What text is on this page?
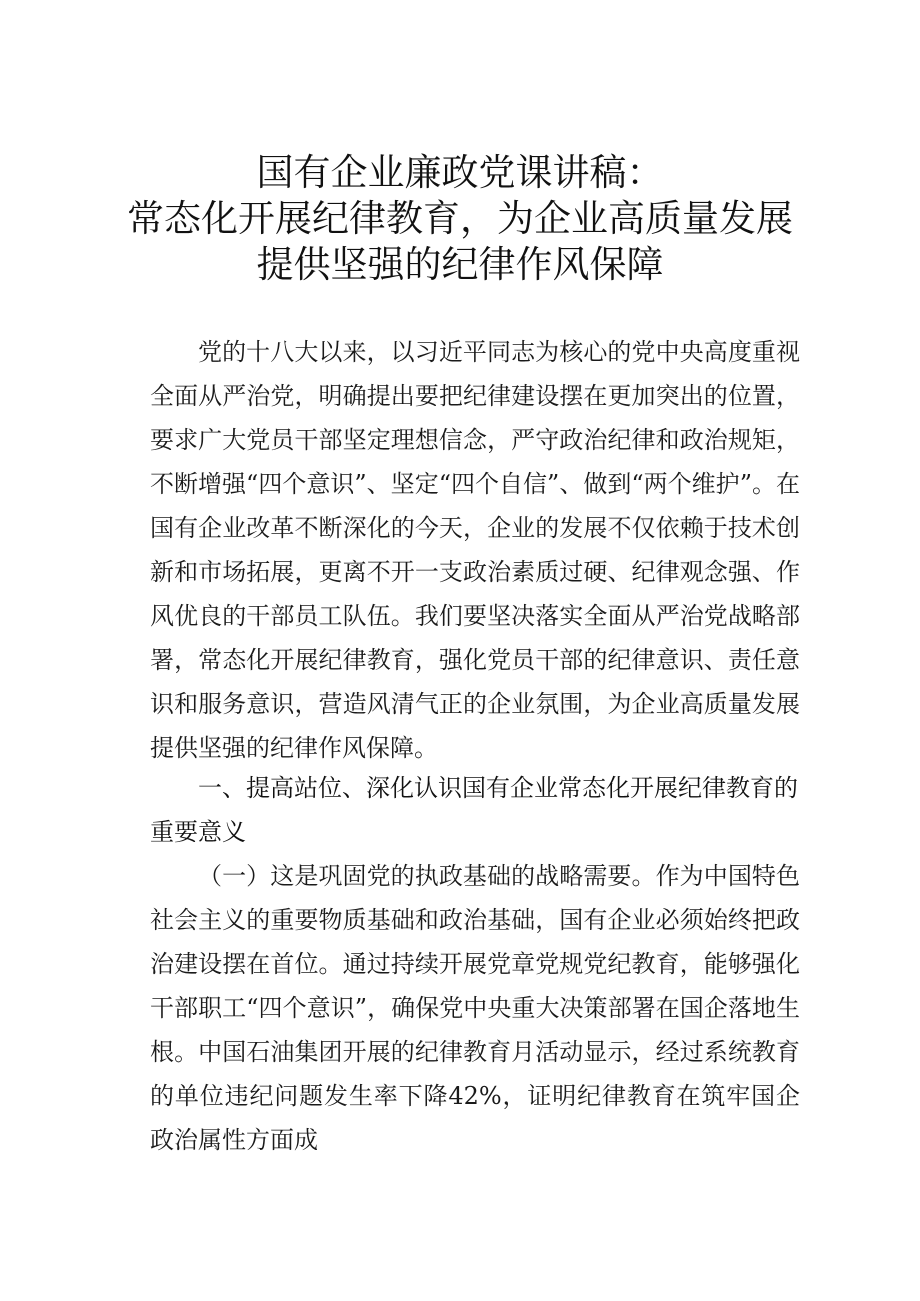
国有企业廉政党课讲稿：
常态化开展纪律教育，为企业高质量发展
提供坚强的纪律作风保障
党的十八大以来，以习近平同志为核心的党中央高度重视全面从严治党，明确提出要把纪律建设摆在更加突出的位置，要求广大党员干部坚定理想信念，严守政治纪律和政治规矩，不断增强“四个意识”、坚定“四个自信”、做到“两个维护”。在国有企业改革不断深化的今天，企业的发展不仅依赖于技术创新和市场拓展，更离不开一支政治素质过硬、纪律观念强、作风优良的干部员工队伍。我们要坚决落实全面从严治党战略部署，常态化开展纪律教育，强化党员干部的纪律意识、责任意识和服务意识，营造风清气正的企业氛围，为企业高质量发展提供坚强的纪律作风保障。
一、提高站位、深化认识国有企业常态化开展纪律教育的重要意义
（一）这是巩固党的执政基础的战略需要。作为中国特色社会主义的重要物质基础和政治基础，国有企业必须始终把政治建设摆在首位。通过持续开展党章党规党纪教育，能够强化干部职工“四个意识”，确保党中央重大决策部署在国企落地生根。中国石油集团开展的纪律教育月活动显示，经过系统教育的单位违纪问题发生率下降42%，证明纪律教育在筑牢国企政治属性方面成
